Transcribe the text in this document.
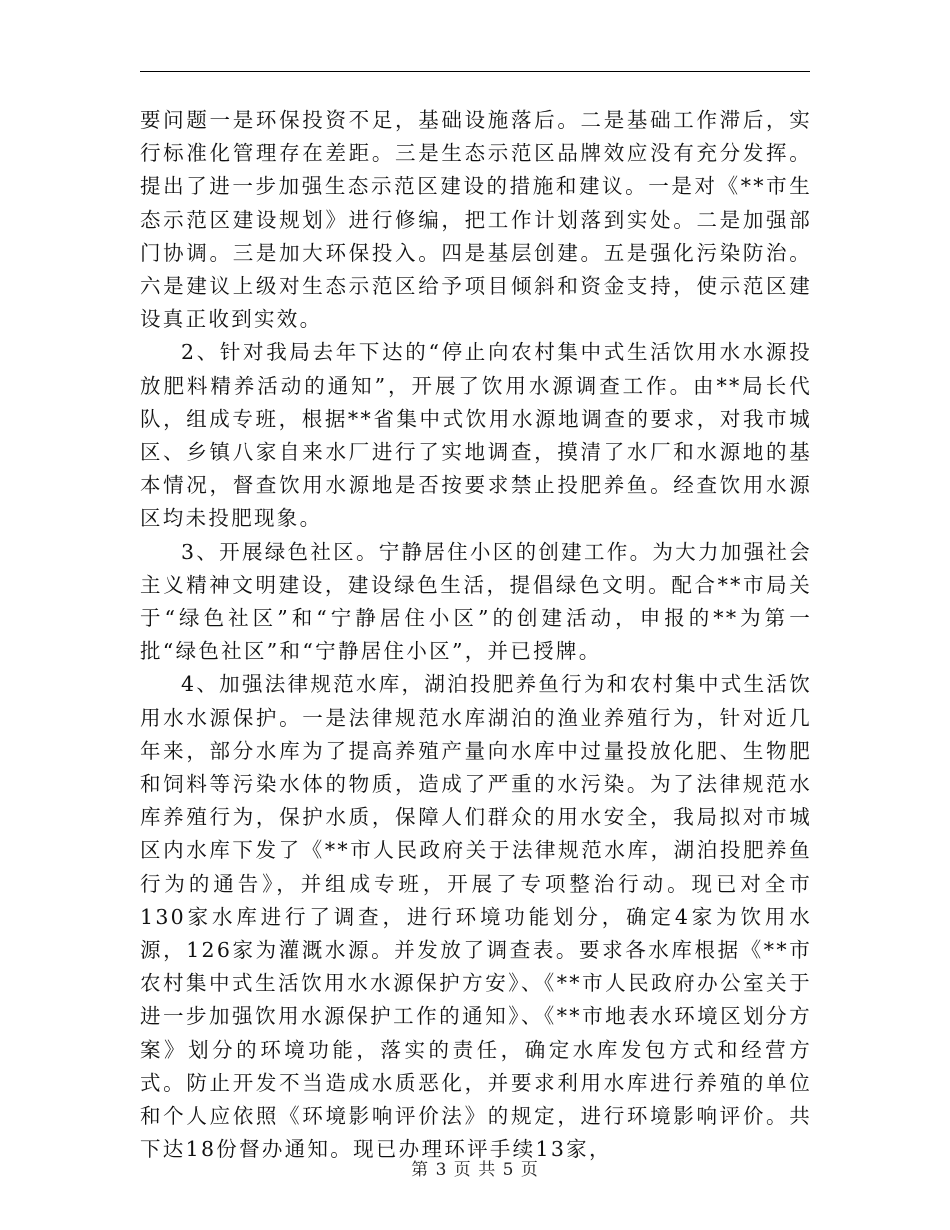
要问题一是环保投资不足，基础设施落后。二是基础工作滞后，实行标准化管理存在差距。三是生态示范区品牌效应没有充分发挥。提出了进一步加强生态示范区建设的措施和建议。一是对《**市生态示范区建设规划》进行修编，把工作计划落到实处。二是加强部门协调。三是加大环保投入。四是基层创建。五是强化污染防治。六是建议上级对生态示范区给予项目倾斜和资金支持，使示范区建设真正收到实效。

2、针对我局去年下达的“停止向农村集中式生活饮用水水源投放肥料精养活动的通知”，开展了饮用水源调查工作。由**局长代队，组成专班，根据**省集中式饮用水源地调查的要求，对我市城区、乡镇八家自来水厂进行了实地调查，摸清了水厂和水源地的基本情况，督查饮用水源地是否按要求禁止投肥养鱼。经查饮用水源区均未投肥现象。

3、开展绿色社区。宁静居住小区的创建工作。为大力加强社会主义精神文明建设，建设绿色生活，提倡绿色文明。配合**市局关于“绿色社区”和“宁静居住小区”的创建活动，申报的**为第一批“绿色社区”和“宁静居住小区”，并已授牌。

4、加强法律规范水库，湖泊投肥养鱼行为和农村集中式生活饮用水水源保护。一是法律规范水库湖泊的渔业养殖行为，针对近几年来，部分水库为了提高养殖产量向水库中过量投放化肥、生物肥和饲料等污染水体的物质，造成了严重的水污染。为了法律规范水库养殖行为，保护水质，保障人们群众的用水安全，我局拟对市城区内水库下发了《**市人民政府关于法律规范水库，湖泊投肥养鱼行为的通告》，并组成专班，开展了专项整治行动。现已对全市130家水库进行了调查，进行环境功能划分，确定4家为饮用水源，126家为灌溉水源。并发放了调查表。要求各水库根据《**市农村集中式生活饮用水水源保护方安》、《**市人民政府办公室关于进一步加强饮用水源保护工作的通知》、《**市地表水环境区划分方案》划分的环境功能，落实的责任，确定水库发包方式和经营方式。防止开发不当造成水质恶化，并要求利用水库进行养殖的单位和个人应依照《环境影响评价法》的规定，进行环境影响评价。共下达18份督办通知。现已办理环评手续13家，

第 3 页 共 5 页
